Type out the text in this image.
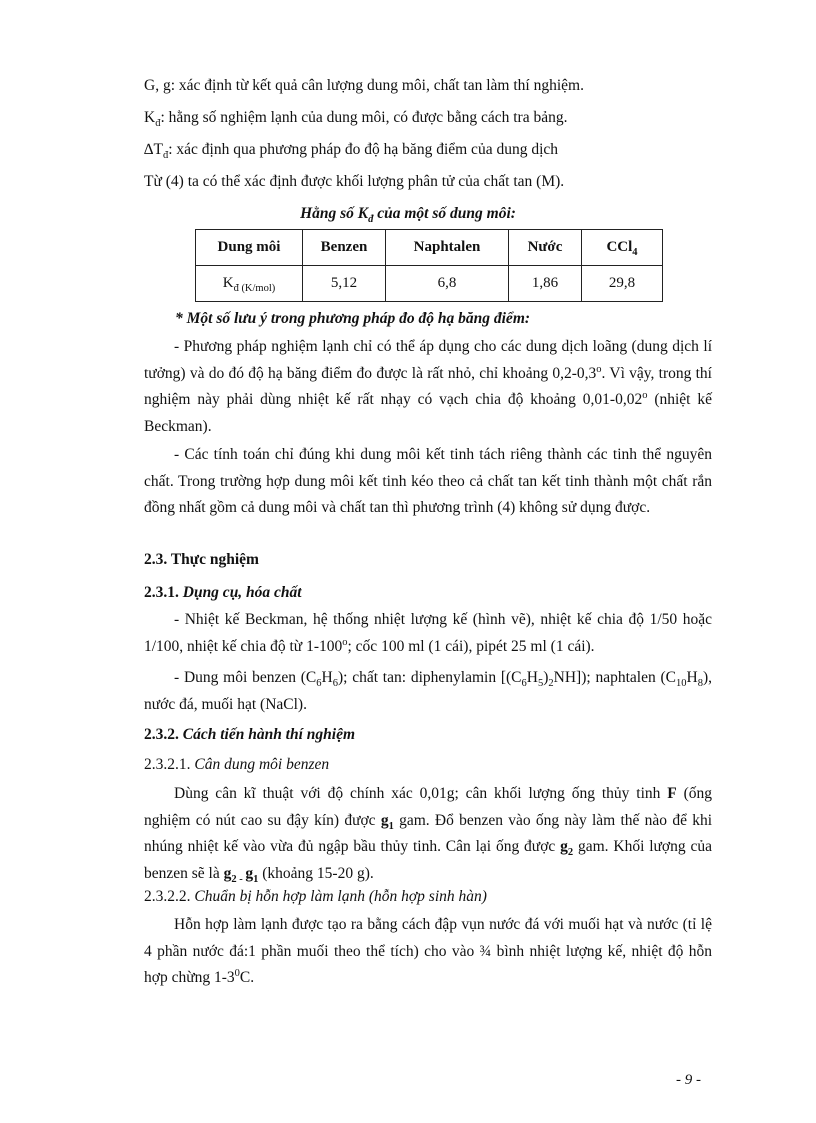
G, g: xác định từ kết quả cân lượng dung môi, chất tan làm thí nghiệm.
$K_đ$: hằng số nghiệm lạnh của dung môi, có được bằng cách tra bảng.
$\Delta T_đ$: xác định qua phương pháp đo độ hạ băng điểm của dung dịch
Từ (4) ta có thể xác định được khối lượng phân tử của chất tan (M).
Hằng số $K_đ$ của một số dung môi:
Dung môi	Benzen	Naphtalen	Nước	CCl$_4$
$K_{đ (K/mol)}$	5,12	6,8	1,86	29,8
* Một số lưu ý trong phương pháp đo độ hạ băng điểm:
- Phương pháp nghiệm lạnh chỉ có thể áp dụng cho các dung dịch loãng (dung dịch lí tưởng) và do đó độ hạ băng điểm đo được là rất nhỏ, chỉ khoảng 0,2-0,3$^o$. Vì vậy, trong thí nghiệm này phải dùng nhiệt kế rất nhạy có vạch chia độ khoảng 0,01-0,02$^o$ (nhiệt kế Beckman).
- Các tính toán chỉ đúng khi dung môi kết tinh tách riêng thành các tinh thể nguyên chất. Trong trường hợp dung môi kết tinh kéo theo cả chất tan kết tinh thành một chất rắn đồng nhất gồm cả dung môi và chất tan thì phương trình (4) không sử dụng được.
2.3. Thực nghiệm
2.3.1. Dụng cụ, hóa chất
- Nhiệt kế Beckman, hệ thống nhiệt lượng kế (hình vẽ), nhiệt kế chia độ 1/50 hoặc 1/100, nhiệt kế chia độ từ 1-100$^o$; cốc 100 ml (1 cái), pipét 25 ml (1 cái).
- Dung môi benzen $(C_6H_6)$; chất tan: diphenylamin $[(C_6H_5)_2NH]$); naphtalen $(C_{10}H_8)$, nước đá, muối hạt (NaCl).
2.3.2. Cách tiến hành thí nghiệm
2.3.2.1. Cân dung môi benzen
Dùng cân kĩ thuật với độ chính xác 0,01g; cân khối lượng ống thủy tinh F (ống nghiệm có nút cao su đậy kín) được $g_1$ gam. Đổ benzen vào ống này làm thế nào để khi nhúng nhiệt kế vào vừa đủ ngập bầu thủy tinh. Cân lại ống được $g_2$ gam. Khối lượng của benzen sẽ là $g_{2 -}$ $g_1$ (khoảng 15-20 g).
2.3.2.2. Chuẩn bị hỗn hợp làm lạnh (hỗn hợp sinh hàn)
Hỗn hợp làm lạnh được tạo ra bằng cách đập vụn nước đá với muối hạt và nước (tỉ lệ 4 phần nước đá:1 phần muối theo thể tích) cho vào ¾ bình nhiệt lượng kế, nhiệt độ hỗn hợp chừng $1-3^0C$.
- 9 -
